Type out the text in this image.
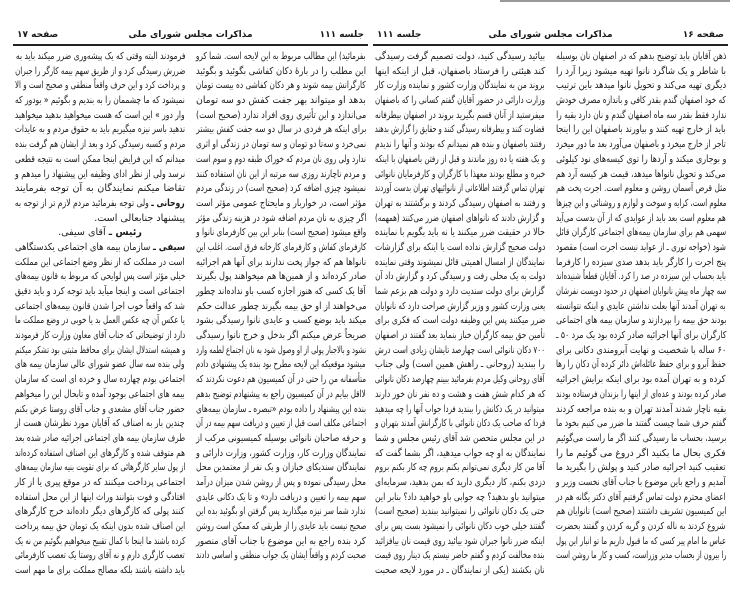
صفحه ۱۶
مذاکرات مجلس شورای ملی
جلسه ۱۱۱
ذهن آقایان باید توضیح بدهم که در اصفهان نان بوسیله
با شاطر و یک شاگرد نانوا تهیه میشود زیرا آرد را
دیگری تهیه می‌کند و تحویل نانوا میدهد باین ترتیب
که خود اصفهان گندم بقدر کافی و باندازه مصرف خودش
ندارد فقط بقدر سه ماه اصفهان گندم و نان دارد بقیه را
باید از خارج تهیه کنند و بیاورند باصفهان این را اینجا
تاجر از خارج میخرد و باصفهان می‌آورد بعد ما دور میخرد
و بوجاری میکند و آردها را توی کیسه‌های نود کیلوئی
می‌کند و تحویل نانواها میدهد، قیمت هر کیسه آرد هم
مثل قرص آسمان روشن و معلوم است. اجرت پخت هم
معلوم است، کرایه و سوخت و لوازم و روشنائی و این چیزها
هم معلوم است بعد باید از عوایدی که از آن بدست می‌آید
سهمی هم برای سازمان بیمه‌های اجتماعی کارگران قائل
شود (خواجه نوری ـ از عواید نیست اجرت است) مقصود
پنج اجرت را کارگر باید بدهد صدی سیزده را کارفرما
باید بحساب این سیزده در صد را کرد. آقایان قطعاً شنیده‌اند
سه چهار ماه پیش نانوایان اصفهان در حدود دویست نفرشان
به تهران آمدند آنها بعلت نداشتن عایدی و اینکه نتوانسته
بودند حق بیمه را بپردازند و سازمان بیمه های اجتماعی
کارگران برای آنها اجرائیه صادر کرده بود یک مرد ۵۰ ـ
۶۰ ساله با شخصیت و نهایت آبرومندی دکانی برای
حفظ آبرو و برای حفظ عائله‌اش دائر کرده آن دکان را رها
کرده و به تهران آمده بود برای اینکه برایش اجرائیه
صادر کرده بودند و عده‌ای از اینها را بزندان فرستاده بودند
بقیه ناچار شدند آمدند تهران و به بنده مراجعه کردند
گفتم حرف شما چیست گفتند ما ضرر می کنیم بخود ما
برسید، بحساب ما رسیدگی کنند اگر ما راست می‌گوئیم
فکری بحال ما بکنید اگر دروغ می گوئیم ما را
تعقیب کنید اجرائیه صادر کنید و پولش را بگیرید ما
آمدیم و راجع باین موضوع با جناب آقای نخست وزیر و
اعضای محترم دولت تماس گرفتیم آقای دکتر یگانه هم در
این کمیسیون تشریف داشتند (صحیح است) نانوایان هم
شروع کردند به ناله کردن و گریه کردن و گفتند بحضرت
عباس ما امام پیر کسی که ما قبول داریم ما تو انبار این پول
را بیرون از بحساب مدیر وزراست، کسب و کار ما روشن است
بیائید رسیدگی کنید، دولت تصمیم گرفت رسیدگی
کند هیئتی را فرستاد باصفهان، قبل از اینکه اینها
بروند من به نمایندگان وزارت کشور و نماینده وزارت کار
وزارت دارائی در حضور آقایان گفتم کسانی را که باصفهان
میفرستید از آنان قسم بگیرید بروند در اصفهان بیطرفانه
قضاوت کنند و بیطرفانه رسیدگی کنند و حقایق را گزارش بدهند
رفتند باصفهان و بنده هم نمیدانم که بودند و آنها را ندیدم
و یک هفته یا ده روز ماندند و قبل از رفتن باصفهان با اینکه
خبره و مطلع بودند معهذا با کارگران و کارفرمایان نانوائی
تهران تماس گرفتند اطلاعاتی از نانوائیهای تهران بدست آوردند
و رفتند به اصفهان رسیدگی کردند و برگشتند به تهران
و گزارش دادند که نانواهای اصفهان ضرر می‌کنند (همهمه)
حالا در حقیقت ضرر میکنند یا نه باید بگویم با نماینده
دولت صحیح گزارش نداده است یا اینکه برای گزارشات
نمایندگان از امسال اهمیتی قائل نمیشوند وقتی نماینده
دولت به یک محلی رفت و رسیدگی کرد و گزارش داد آن
گزارش برای دولت سندیت دارد و دولت هم بزعم شما
یعنی وزارت کشور و وزیر گزارش صراحت دارد که نانوایان
ضرر میکنند پس این وظیفه دولت است که فکری برای
تأمین حق بیمه کارگران خباز بنماید بعد گفتند در اصفهان
۷۰۰ دکان نانوائی است چهارصد تایشان زیادی است درش
را ببندید (روحانی ـ راهش همین است) ولی جناب
آقای روحانی وکیل مردم بفرمائید ببینم چهارصد دکان نانوائی
که هر کدام شش هفت و هشت و ده نفر نان خور دارند
میتوانید در یک دکانش را ببندید فردا جواب آنها را چه میدهید
فردا که صاحب یک دکان نانوائی با کارگرانش آمدند بتهران و
در این مجلس متحصن شد آقای رئیس مجلس و شما
نمایندگان به او چه جواب میدهید، اگر بشما گفت که
آقا من کار دیگری نمی‌توانم بکنم بروم چه کار بکنم بروم
دزدی بکنم، کار دیگری دارید که بمن بدهید، سرمایه‌ای
میتوانید باو بدهید؟ چه جوابی باو خواهید داد؟ بنابر این
حتی یک دکان نانوائی را نمیتوانید ببندید (صحیح است)
گفتند خیلی خوب دکان نانوائی را نمیشود بست پس برای
اینکه ضرر نانوا جبران شود بیائید روی قیمت نان بیافزائید
بنده مخالفت کردم و گفتم حاضر نیستم یک دینار روی قیمت
نان بکشند (یکی از نمایندگان ـ در مورد لایحه صحبت
جلسه ۱۱۱
مذاکرات مجلس شورای ملی
صفحه ۱۷
بفرمائید) این مطالب مربوط به این لایحه است. شما کرو
این مطلب را در بارهٔ دکان کفاشی بگوئید و بگوئید
کارگرانش بیمه شوند و هر دکان کفاشی ده بیست تومان
بدهد او میتواند بهر جفت کفش دو سه تومان
می‌اندازد و این تأثیری روی افراد ندارد (صحیح است)
برای اینکه هر فردی در سال دو سه جفت کفش بیشتر
نمی‌خرد و سه‌تا دو تومان و سه تومان در زندگی او اثری
ندارد ولی روی نان مردم که خوراک طبقه دوم و سوم است
و مردم ناچارند روزی سه مرتبه از این نان استفاده کنند
نمیشود چیزی اضافه کرد (صحیح است) در زندگی مردم
مؤثر است، در خواربار و مایحتاج عمومی مؤثر است
اگر چیزی به نان مردم اضافه شود در هزینه زندگی مؤثر
واقع میشود (صحیح است) بنابر این بین کارفرمای نانوا و
کارفرمای کفاش و کارفرمای کارخانه فرق است. اغلب این
نانواها هم که جواز پخت ندارند برای آنها هم اجرائیه
صادر کرده‌اند و از همین‌ها هم میخواهند پول بگیرند
آقا یک کسی که هنوز اجازه کسب باو نداده‌اند چطور
می‌خواهند از او حق بیمه بگیرند چطور عدالت حکم
میکند باید بوضع کسب و عایدی نانوا رسیدگی بشود
صریحاً عرض میکنم اگر بدخل و خرج نانوا رسیدگی
نشود و بالاجبار پولی از او وصول شود به نان اجتماع لطمه وارد
میشود موقعیکه این لایحه مطرح بود بنده یک پیشنهادی دادم
متأسفانه من را حتی در آن کمیسیون هم دعوت نکردند که
لااقل بیایم در آن کمیسیون راجع به پیشنهادم توضیح بدهم
بنده این پیشنهاد را داده بودم «تبصره ـ سازمان بیمه‌های
اجتماعی مکلف است قبل از تعیین و دریافت سهم بیمه در آن
و حرفه صاحبان نانوائی بوسیله کمیسیونی مرکب از
نمایندگان وزارت کار، وزارت کشور، وزارت دارائی و
نمایندگان سندیکای خبازان و یک نفر از معتمدین محل
محل رسیدگی نموده و پس از روشن شدن میزان درآمد
سهم بیمه را تعیین و دریافت دارد» و تا یک دکانی عایدی
ندارد شما سر نیزه میگذارید پس گرفتن او بگوئید بده این
صحیح نیست باید عایدی را از طریقی که ممکن است روشن
کرد بنده راجع به این موضوع با جناب آقای منصور
صحبت کردم و واقعاً ایشان یک جواب منطقی و اساسی دادند
فرمودند البته وقتی که یک پیشه‌وری ضرر میکند باید به
ضررش رسیدگی کرد و از طریق سهم بیمه کارگر را جبران
و پرداخت کرد و این حرف واقعاً منطقی و صحیح است و الا
نمیشود که ما چشممان را به بندیم و بگوئیم « بودور که
وار دور » این است که هست میخواهید بدهید میخواهید
ندهید باسر نیزه میگیریم باید به حقوق مردم و به عایدات
مردم و کسبه رسیدگی کرد و بعد از ایشان هم گرفت بنده
میدانم که این فرایض اینجا ممکن است به نتیجه قطعی
نرسد ولی از نظر ادای وظیفه این پیشنهاد را میدهم و
تقاضا میکنم نمایندگان به آن توجه بفرمایند
روحانی ـ ولی توجه بفرمائید مردم لازم تر از توجه به
پیشنهاد جنابعالی است.
رئیس ـ آقای سیفی.
سیفی ـ سازمان بیمه های اجتماعی یکدستگاهی
است در مملکت که از نظر وضع اجتماعی این مملکت
خیلی مؤثر است پس لوایحی که مربوط به قانون بیمه‌های
اجتماعی است و اینجا میآید باید توجه کرد و باید دقیق
شد که واقعاً خوب اجرا شدن قانون بیمه‌های اجتماعی
یا عکس آن چه عکس العمل بد یا خوبی در وضع مملکت ما
دارد از توضیحاتی که جناب آقای معاون وزارت کار فرمودند
و همیشه استدلال ایشان برای محافظ مثبتی بود تشکر میکنم
ولی بنده سه سال عضو شورای عالی سازمان بیمه های
اجتماعی بودم چهارده سال و خرده ای است که سازمان
بیمه های اجتماعی بوجود آمده و تابحال این را میخواهم
حضور جناب آقای مشعدی و جناب آقای روستا عرض بکنم
چندین بار به اصناف که آقایان مورد نظرشان هست از
طرف سازمان بیمه های اجتماعی اجرائیه صادر شده بعد
هم متوقف شده و کارگرهای این اصناف استفاده کرده‌اند
از پول سایر کارگرهائی که برای تقویت بنیه سازمان بیمه‌های
اجتماعی پرداخت میکنند که در موقع پیری یا از کار
افتادگی و فوت بتوانند وراث اینها از این محل استفاده
کنند پولی که کارگرهای دیگر داده‌اند خرج کارگرهای
این اصناف شده بدون اینکه یک تومان حق بیمه پرداخت
کرده باشند ما اینجا با کمال تقبیح میخواهیم بگوئیم من نه یک
تعصب کارگری دارم و نه آقای روستا یک تعصب کارفرمائی
باید داشته باشند بلکه مصالح مملکت برای ما مهم است
